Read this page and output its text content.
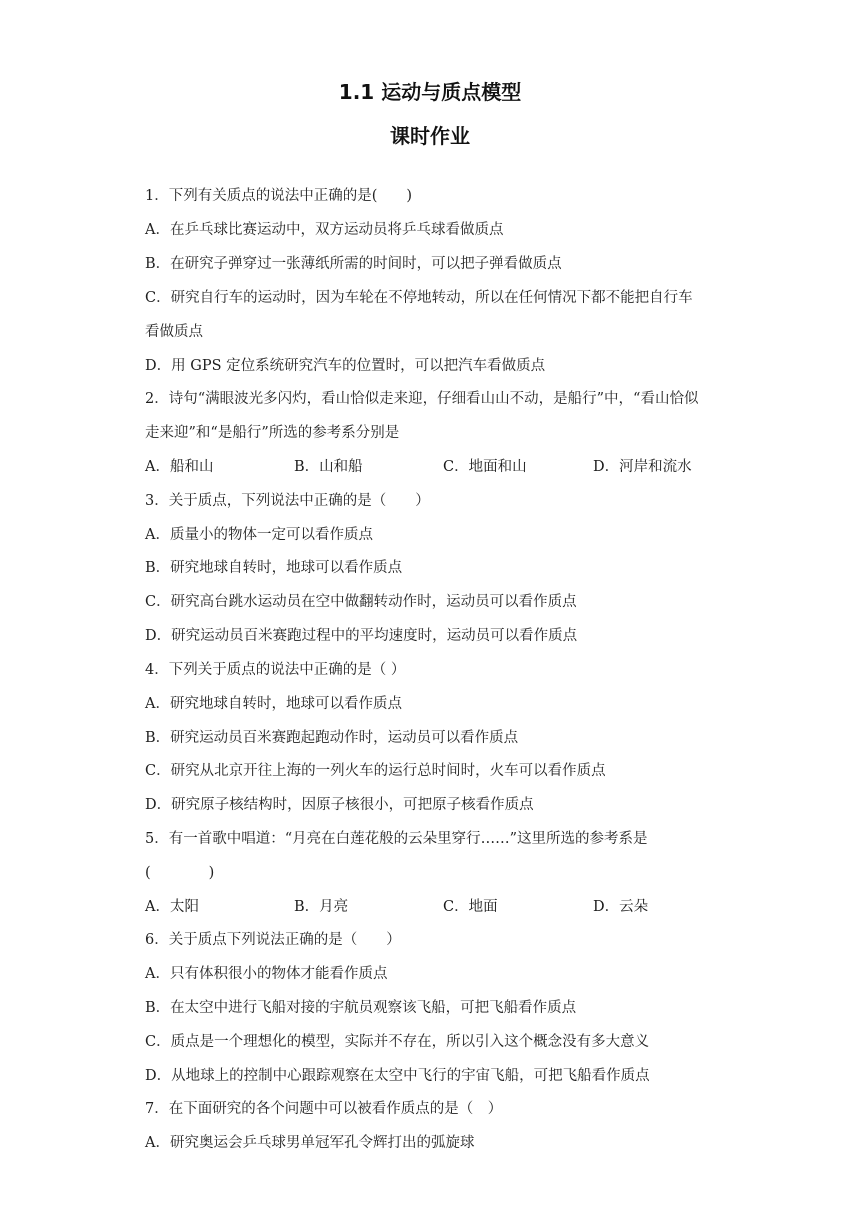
1.1 运动与质点模型
课时作业
1．下列有关质点的说法中正确的是(　　)
A．在乒乓球比赛运动中，双方运动员将乒乓球看做质点
B．在研究子弹穿过一张薄纸所需的时间时，可以把子弹看做质点
C．研究自行车的运动时，因为车轮在不停地转动，所以在任何情况下都不能把自行车
看做质点
D．用 GPS 定位系统研究汽车的位置时，可以把汽车看做质点
2．诗句“满眼波光多闪灼，看山恰似走来迎，仔细看山山不动，是船行”中，“看山恰似
走来迎”和“是船行”所选的参考系分别是
A．船和山	B．山和船	C．地面和山	D．河岸和流水
3．关于质点，下列说法中正确的是（　　）
A．质量小的物体一定可以看作质点
B．研究地球自转时，地球可以看作质点
C．研究高台跳水运动员在空中做翻转动作时，运动员可以看作质点
D．研究运动员百米赛跑过程中的平均速度时，运动员可以看作质点
4．下列关于质点的说法中正确的是（ ）
A．研究地球自转时，地球可以看作质点
B．研究运动员百米赛跑起跑动作时，运动员可以看作质点
C．研究从北京开往上海的一列火车的运行总时间时，火车可以看作质点
D．研究原子核结构时，因原子核很小，可把原子核看作质点
5．有一首歌中唱道：“月亮在白莲花般的云朵里穿行……”这里所选的参考系是
(　　　　)
A．太阳	B．月亮	C．地面	D．云朵
6．关于质点下列说法正确的是（　　）
A．只有体积很小的物体才能看作质点
B．在太空中进行飞船对接的宇航员观察该飞船，可把飞船看作质点
C．质点是一个理想化的模型，实际并不存在，所以引入这个概念没有多大意义
D．从地球上的控制中心跟踪观察在太空中飞行的宇宙飞船，可把飞船看作质点
7．在下面研究的各个问题中可以被看作质点的是（　）
A．研究奥运会乒乓球男单冠军孔令辉打出的弧旋球
